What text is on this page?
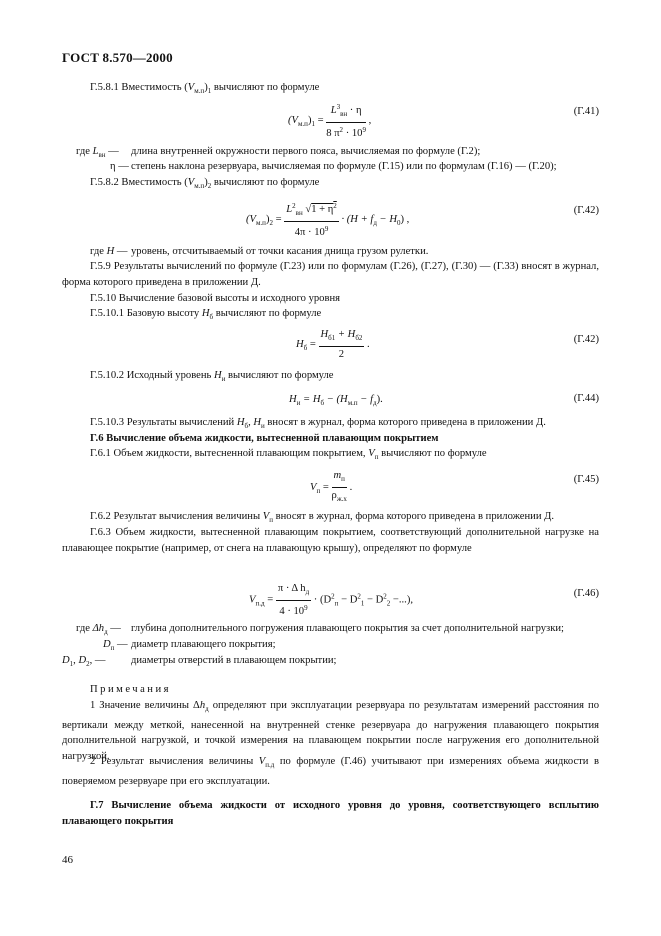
ГОСТ 8.570—2000
Г.5.8.1 Вместимость $(V_{м.п})_1$ вычисляют по формуле
$(V_{м.п})_1 = \frac{L^3_{вн} \cdot \eta}{8 \pi^2 \cdot 10^9}$ ,
(Г.41)
где $L_{вн}$ — длина внутренней окружности первого пояса, вычисляемая по формуле (Г.2);
η — степень наклона резервуара, вычисляемая по формуле (Г.15) или по формулам (Г.16) — (Г.20);
Г.5.8.2 Вместимость $(V_{м.п})_2$ вычисляют по формуле
$(V_{м.п})_2 = \frac{L^2_{вн} √1 + \eta^2}{4\pi \cdot 10^9} \cdot (H + f_д - H_0)$ ,
(Г.42)
где H — уровень, отсчитываемый от точки касания днища грузом рулетки.
Г.5.9 Результаты вычислений по формуле (Г.23) или по формулам (Г.26), (Г.27), (Г.30) — (Г.33) вносят в журнал, форма которого приведена в приложении Д.
Г.5.10 Вычисление базовой высоты и исходного уровня
Г.5.10.1 Базовую высоту $H_б$ вычисляют по формуле
$H_б = \frac{H_{б1} + H_{б2}}{2}$ .	(Г.42)
Г.5.10.2 Исходный уровень $H_и$ вычисляют по формуле
$H_и = H_б - (H_{м.п} - f_д)$.	(Г.44)
Г.5.10.3 Результаты вычислений $H_б$, $H_и$ вносят в журнал, форма которого приведена в приложении Д.
Г.6 Вычисление объема жидкости, вытесненной плавающим покрытием
Г.6.1 Объем жидкости, вытесненной плавающим покрытием, $V_п$ вычисляют по формуле
$V_п = \frac{m_п}{\rho_{ж.х}}$ .
(Г.45)
Г.6.2 Результат вычисления величины $V_п$ вносят в журнал, форма которого приведена в приложении Д.
Г.6.3 Объем жидкости, вытесненной плавающим покрытием, соответствующий дополнительной нагрузке на плавающее покрытие (например, от снега на плавающую крышу), определяют по формуле
$V_{п.д} = \frac{\pi \cdot \Delta h_д}{4 \cdot 10^9} \cdot (D^2_п - D^2_1 - D^2_2$ −...),
(Г.46)
где $\Delta h_д$ — глубина дополнительного погружения плавающего покрытия за счет дополнительной нагрузки;
$D_п$ — диаметр плавающего покрытия;
$D_1$, $D_2$, — диаметры отверстий в плавающем покрытии;
Примечания
1 Значение величины $\Delta h_д$ определяют при эксплуатации резервуара по результатам измерений расстояния по вертикали между меткой, нанесенной на внутренней стенке резервуара до нагружения плавающего покрытия дополнительной нагрузкой, и точкой измерения на плавающем покрытии после нагружения его дополнительной нагрузкой.
2 Результат вычисления величины $V_{п.д}$ по формуле (Г.46) учитывают при измерениях объема жидкости в поверяемом резервуаре при его эксплуатации.
Г.7 Вычисление объема жидкости от исходного уровня до уровня, соответствующего всплытию плавающего покрытия
46
